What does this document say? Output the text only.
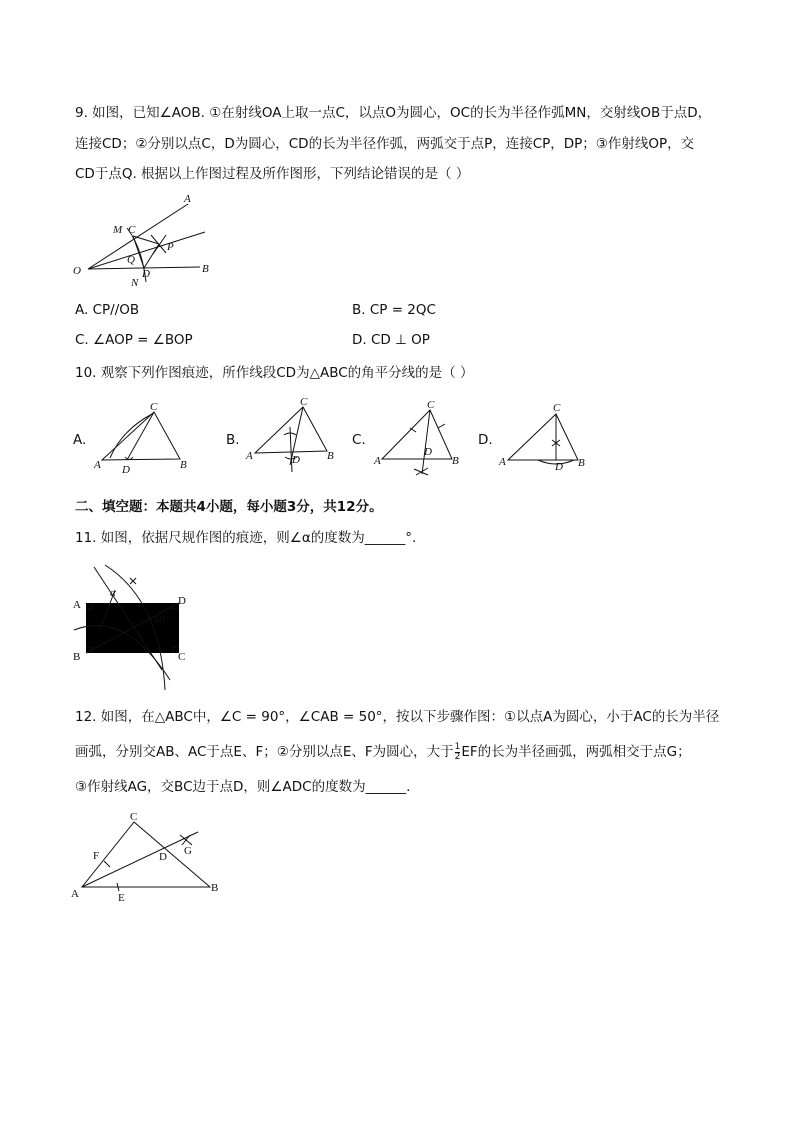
9. 如图，已知∠AOB. ①在射线OA上取一点C，以点O为圆心，OC的长为半径作弧MN，交射线OB于点D，
连接CD；②分别以点C，D为圆心，CD的长为半径作弧，两弧交于点P，连接CP，DP；③作射线OP，交
CD于点Q. 根据以上作图过程及所作图形，下列结论错误的是（ ）
A
M C
P
Q
O	D
N
B
A. CP//OB	B. CP = 2QC
C. ∠AOP = ∠BOP	D. CD ⊥ OP
10. 观察下列作图痕迹，所作线段CD为△ABC的角平分线的是（ ）
A.
A	B
C
D
B.
A	B
C
D
C.
A	B
C
D
D.
A	B
C
D
二、填空题：本题共4小题，每小题3分，共12分。
11. 如图，依据尺规作图的痕迹，则∠α的度数为______°.
A
B	C
D
α
60°
12. 如图，在△ABC中，∠C = 90°，∠CAB = 50°，按以下步骤作图：①以点A为圆心，小于AC的长为半径
画弧，分别交AB、AC于点E、F；②分别以点E、F为圆心，大于 $\frac{1}{2}$ EF的长为半径画弧，两弧相交于点G；
③作射线AG，交BC边于点D，则∠ADC的度数为______.
A	B
C
D
E
F	G
